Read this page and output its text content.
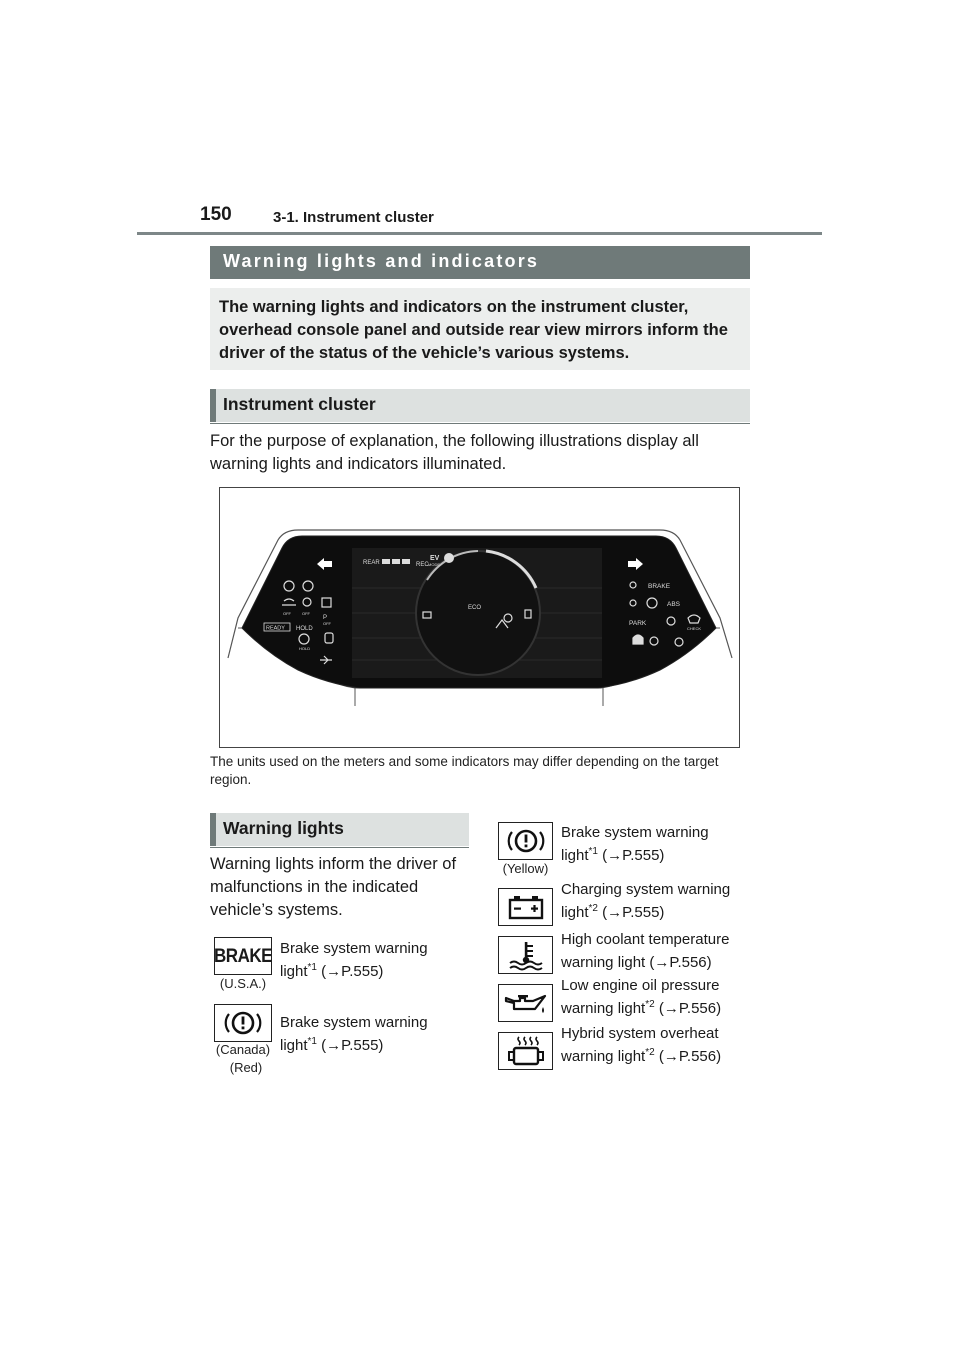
150	3-1. Instrument cluster
Warning lights and indicators
The warning lights and indicators on the instrument cluster, overhead console panel and outside rear view mirrors inform the driver of the status of the vehicle’s various systems.
Instrument cluster
For the purpose of explanation, the following illustrations display all warning lights and indicators illuminated.
ECO
REAR	REC
EV
MODE
OFF	OFF
P
OFF
READY HOLD
HOLD
BRAKE
ABS
PARK
CHECK
The units used on the meters and some indicators may differ depending on the target region.
Warning lights
Warning lights inform the driver of malfunctions in the indicated vehicle’s systems.
BRAKE
(U.S.A.)
Brake system warning
light$^{*1}$ (→P.555)
(Canada)
(Red)
Brake system warning
light$^{*1}$ (→P.555)
(Yellow)
Brake system warning
light$^{*1}$ (→P.555)
Charging system warning
light$^{*2}$ (→P.555)
High coolant temperature
warning light (→P.556)
Low engine oil pressure
warning light$^{*2}$ (→P.556)
Hybrid system overheat
warning light$^{*2}$ (→P.556)
